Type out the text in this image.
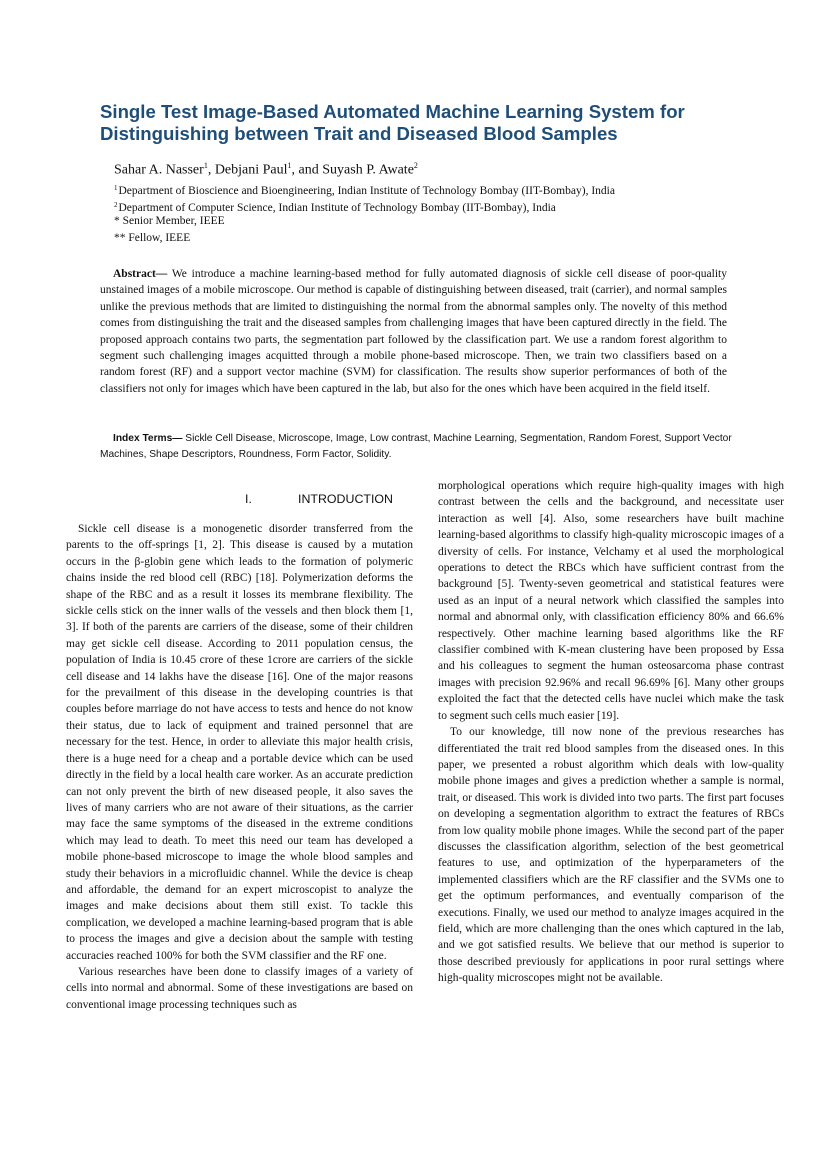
Single Test Image-Based Automated Machine Learning System for
Distinguishing between Trait and Diseased Blood Samples

Sahar A. Nasser$^1$, Debjani Paul$^1$, and Suyash P. Awate$^2$

$^1$Department of Bioscience and Bioengineering, Indian Institute of Technology Bombay (IIT-Bombay), India

$^2$Department of Computer Science, Indian Institute of Technology Bombay (IIT-Bombay), India

* Senior Member, IEEE

** Fellow, IEEE

Abstract— We introduce a machine learning-based method for fully automated diagnosis of sickle cell disease of poor-quality unstained images of a mobile microscope. Our method is capable of distinguishing between diseased, trait (carrier), and normal samples unlike the previous methods that are limited to distinguishing the normal from the abnormal samples only. The novelty of this method comes from distinguishing the trait and the diseased samples from challenging images that have been captured directly in the field. The proposed approach contains two parts, the segmentation part followed by the classification part. We use a random forest algorithm to segment such challenging images acquitted through a mobile phone-based microscope. Then, we train two classifiers based on a random forest (RF) and a support vector machine (SVM) for classification. The results show superior performances of both of the classifiers not only for images which have been captured in the lab, but also for the ones which have been acquired in the field itself.

Index Terms— Sickle Cell Disease, Microscope, Image, Low contrast, Machine Learning, Segmentation, Random Forest, Support Vector Machines, Shape Descriptors, Roundness, Form Factor, Solidity.

I.	INTRODUCTION

Sickle cell disease is a monogenetic disorder transferred from the parents to the off-springs [1, 2]. This disease is caused by a mutation occurs in the β-globin gene which leads to the formation of polymeric chains inside the red blood cell (RBC) [18]. Polymerization deforms the shape of the RBC and as a result it losses its membrane flexibility. The sickle cells stick on the inner walls of the vessels and then block them [1, 3]. If both of the parents are carriers of the disease, some of their children may get sickle cell disease. According to 2011 population census, the population of India is 10.45 crore of these 1crore are carriers of the sickle cell disease and 14 lakhs have the disease [16]. One of the major reasons for the prevailment of this disease in the developing countries is that couples before marriage do not have access to tests and hence do not know their status, due to lack of equipment and trained personnel that are necessary for the test. Hence, in order to alleviate this major health crisis, there is a huge need for a cheap and a portable device which can be used directly in the field by a local health care worker. As an accurate prediction can not only prevent the birth of new diseased people, it also saves the lives of many carriers who are not aware of their situations, as the carrier may face the same symptoms of the diseased in the extreme conditions which may lead to death. To meet this need our team has developed a mobile phone-based microscope to image the whole blood samples and study their behaviors in a microfluidic channel. While the device is cheap and affordable, the demand for an expert microscopist to analyze the images and make decisions about them still exist. To tackle this complication, we developed a machine learning-based program that is able to process the images and give a decision about the sample with testing accuracies reached 100% for both the SVM classifier and the RF one.

Various researches have been done to classify images of a variety of cells into normal and abnormal. Some of these investigations are based on conventional image processing techniques such as

morphological operations which require high-quality images with high contrast between the cells and the background, and necessitate user interaction as well [4]. Also, some researchers have built machine learning-based algorithms to classify high-quality microscopic images of a diversity of cells. For instance, Velchamy et al used the morphological operations to detect the RBCs which have sufficient contrast from the background [5]. Twenty-seven geometrical and statistical features were used as an input of a neural network which classified the samples into normal and abnormal only, with classification efficiency 80% and 66.6% respectively. Other machine learning based algorithms like the RF classifier combined with K-mean clustering have been proposed by Essa and his colleagues to segment the human osteosarcoma phase contrast images with precision 92.96% and recall 96.69% [6]. Many other groups exploited the fact that the detected cells have nuclei which make the task to segment such cells much easier [19].

To our knowledge, till now none of the previous researches has differentiated the trait red blood samples from the diseased ones. In this paper, we presented a robust algorithm which deals with low-quality mobile phone images and gives a prediction whether a sample is normal, trait, or diseased. This work is divided into two parts. The first part focuses on developing a segmentation algorithm to extract the features of RBCs from low quality mobile phone images. While the second part of the paper discusses the classification algorithm, selection of the best geometrical features to use, and optimization of the hyperparameters of the implemented classifiers which are the RF classifier and the SVMs one to get the optimum performances, and eventually comparison of the executions. Finally, we used our method to analyze images acquired in the field, which are more challenging than the ones which captured in the lab, and we got satisfied results. We believe that our method is superior to those described previously for applications in poor rural settings where high-quality microscopes might not be available.
